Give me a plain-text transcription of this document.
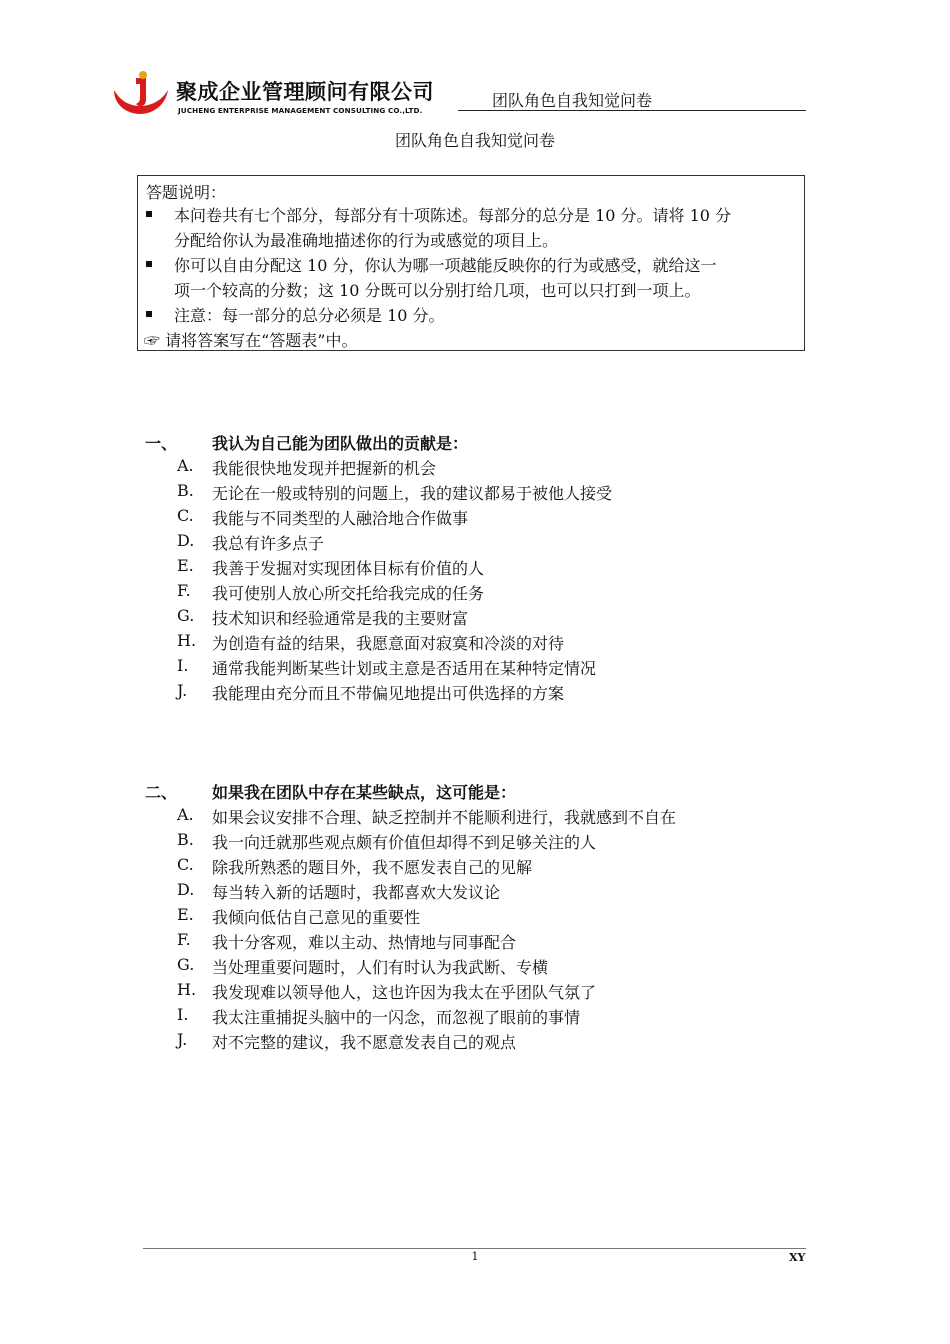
聚成企业管理顾问有限公司
JUCHENG ENTERPRISE MANAGEMENT CONSULTING CO.,LTD.
团队角色自我知觉问卷
团队角色自我知觉问卷
答题说明：
本问卷共有七个部分，每部分有十项陈述。每部分的总分是 10 分。请将 10 分
分配给你认为最准确地描述你的行为或感觉的项目上。
你可以自由分配这 10 分，你认为哪一项越能反映你的行为或感受，就给这一
项一个较高的分数；这 10 分既可以分别打给几项，也可以只打到一项上。
注意：每一部分的总分必须是 10 分。
☞ 请将答案写在“答题表”中。
一、 我认为自己能为团队做出的贡献是：
A. 我能很快地发现并把握新的机会
B. 无论在一般或特别的问题上，我的建议都易于被他人接受
C. 我能与不同类型的人融洽地合作做事
D. 我总有许多点子
E. 我善于发掘对实现团体目标有价值的人
F. 我可使别人放心所交托给我完成的任务
G. 技术知识和经验通常是我的主要财富
H. 为创造有益的结果，我愿意面对寂寞和冷淡的对待
I. 通常我能判断某些计划或主意是否适用在某种特定情况
J. 我能理由充分而且不带偏见地提出可供选择的方案
二、 如果我在团队中存在某些缺点，这可能是：
A. 如果会议安排不合理、缺乏控制并不能顺利进行，我就感到不自在
B. 我一向迁就那些观点颇有价值但却得不到足够关注的人
C. 除我所熟悉的题目外，我不愿发表自己的见解
D. 每当转入新的话题时，我都喜欢大发议论
E. 我倾向低估自己意见的重要性
F. 我十分客观，难以主动、热情地与同事配合
G. 当处理重要问题时，人们有时认为我武断、专横
H. 我发现难以领导他人，这也许因为我太在乎团队气氛了
I. 我太注重捕捉头脑中的一闪念，而忽视了眼前的事情
J. 对不完整的建议，我不愿意发表自己的观点
1	XY
